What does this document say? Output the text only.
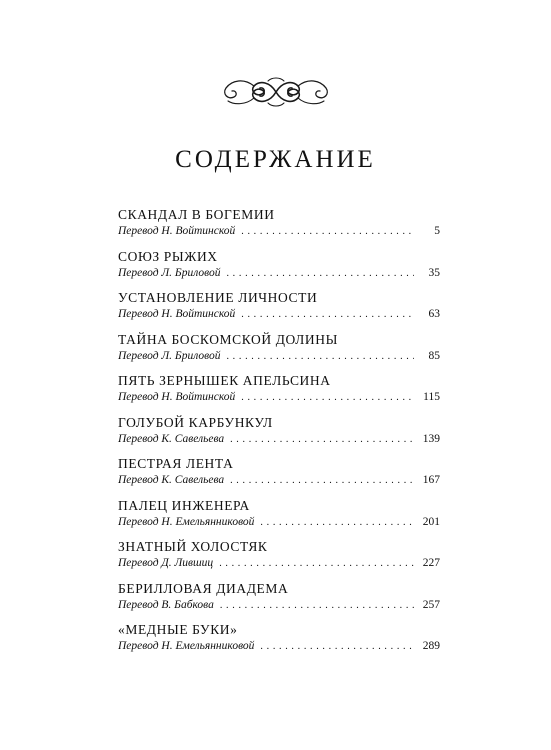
СОДЕРЖАНИЕ
СКАНДАЛ В БОГЕМИИ
Перевод Н. Войтинской . . .	5
СОЮЗ РЫЖИХ
Перевод Л. Бриловой . . .	35
УСТАНОВЛЕНИЕ ЛИЧНОСТИ
Перевод Н. Войтинской . . .	63
ТАЙНА БОСКОМСКОЙ ДОЛИНЫ
Перевод Л. Бриловой . . .	85
ПЯТЬ ЗЕРНЫШЕК АПЕЛЬСИНА
Перевод Н. Войтинской . . .	115
ГОЛУБОЙ КАРБУНКУЛ
Перевод К. Савельева . . .	139
ПЕСТРАЯ ЛЕНТА
Перевод К. Савельева . . .	167
ПАЛЕЦ ИНЖЕНЕРА
Перевод Н. Емельянниковой . . .	201
ЗНАТНЫЙ ХОЛОСТЯК
Перевод Д. Лившиц . . .	227
БЕРИЛЛОВАЯ ДИАДЕМА
Перевод В. Бабкова . . .	257
«МЕДНЫЕ БУКИ»
Перевод Н. Емельянниковой . . .	289
